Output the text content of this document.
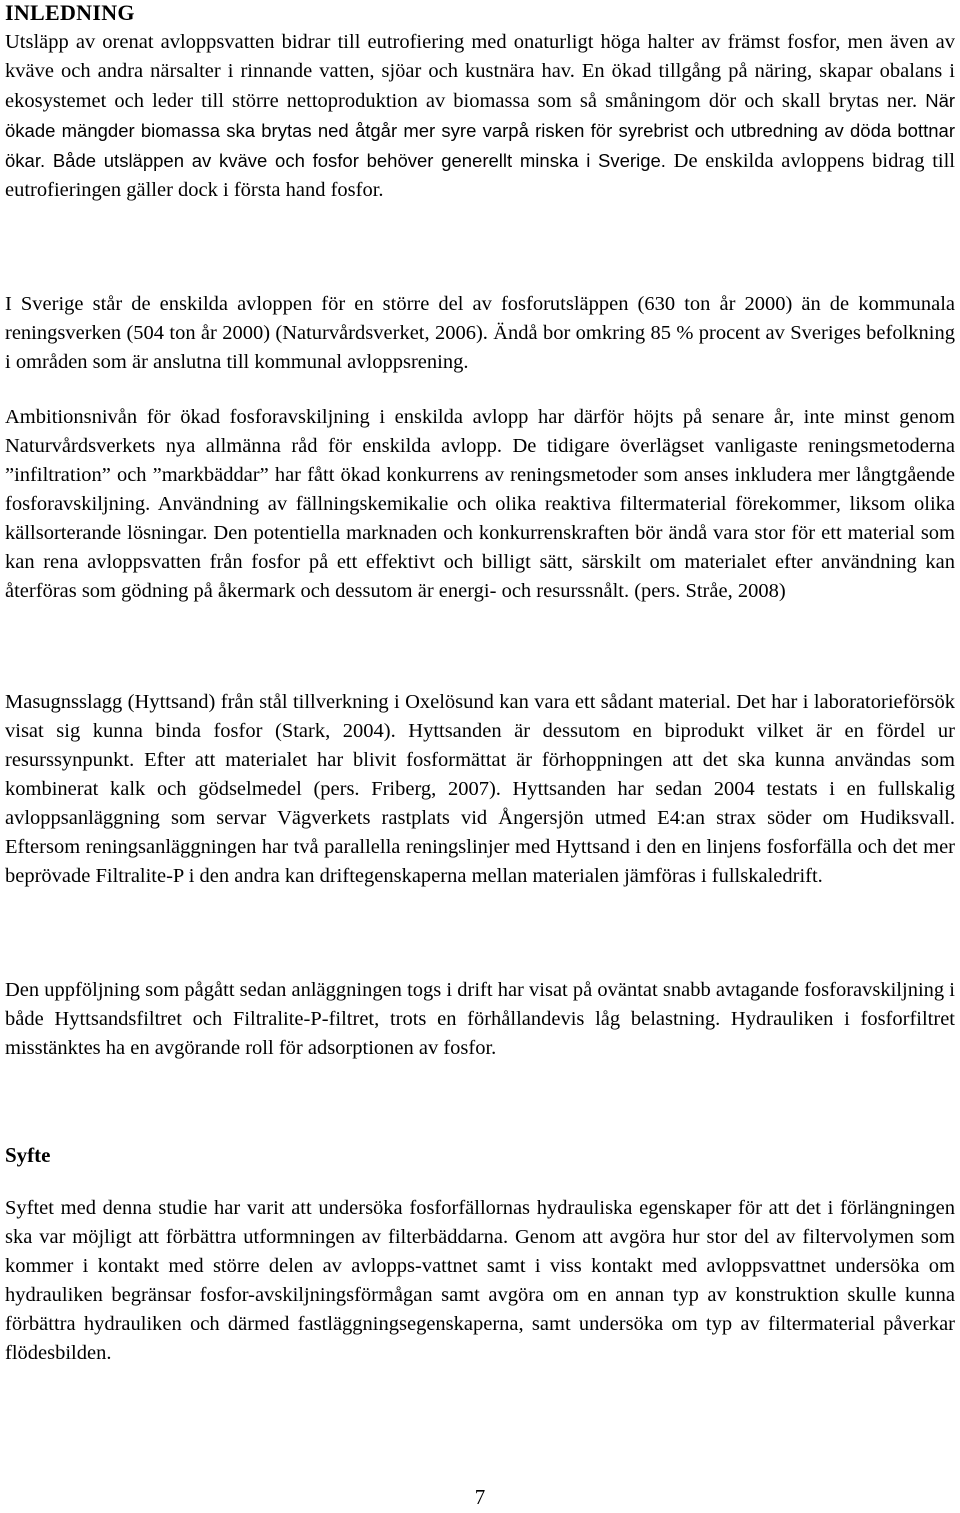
INLEDNING

Utsläpp av orenat avloppsvatten bidrar till eutrofiering med onaturligt höga halter av främst fosfor, men även av kväve och andra närsalter i rinnande vatten, sjöar och kustnära hav. En ökad tillgång på näring, skapar obalans i ekosystemet och leder till större nettoproduktion av biomassa som så småningom dör och skall brytas ner. När ökade mängder biomassa ska brytas ned åtgår mer syre varpå risken för syrebrist och utbredning av döda bottnar ökar. Både utsläppen av kväve och fosfor behöver generellt minska i Sverige. De enskilda avloppens bidrag till eutrofieringen gäller dock i första hand fosfor.

I Sverige står de enskilda avloppen för en större del av fosforutsläppen (630 ton år 2000) än de kommunala reningsverken (504 ton år 2000) (Naturvårdsverket, 2006). Ändå bor omkring 85 % procent av Sveriges befolkning i områden som är anslutna till kommunal avloppsrening.

Ambitionsnivån för ökad fosforavskiljning i enskilda avlopp har därför höjts på senare år, inte minst genom Naturvårdsverkets nya allmänna råd för enskilda avlopp. De tidigare överlägset vanligaste reningsmetoderna ”infiltration” och ”markbäddar” har fått ökad konkurrens av reningsmetoder som anses inkludera mer långtgående fosforavskiljning. Användning av fällningskemikalie och olika reaktiva filtermaterial förekommer, liksom olika källsorterande lösningar. Den potentiella marknaden och konkurrenskraften bör ändå vara stor för ett material som kan rena avloppsvatten från fosfor på ett effektivt och billigt sätt, särskilt om materialet efter användning kan återföras som gödning på åkermark och dessutom är energi- och resurssnålt. (pers. Stråe, 2008)

Masugnsslagg (Hyttsand) från stål tillverkning i Oxelösund kan vara ett sådant material. Det har i laboratorieförsök visat sig kunna binda fosfor (Stark, 2004). Hyttsanden är dessutom en biprodukt vilket är en fördel ur resurssynpunkt. Efter att materialet har blivit fosformättat är förhoppningen att det ska kunna användas som kombinerat kalk och gödselmedel (pers. Friberg, 2007). Hyttsanden har sedan 2004 testats i en fullskalig avloppsanläggning som servar Vägverkets rastplats vid Ångersjön utmed E4:an strax söder om Hudiksvall. Eftersom reningsanläggningen har två parallella reningslinjer med Hyttsand i den en linjens fosforfälla och det mer beprövade Filtralite-P i den andra kan driftegenskaperna mellan materialen jämföras i fullskaledrift.

Den uppföljning som pågått sedan anläggningen togs i drift har visat på oväntat snabb avtagande fosforavskiljning i både Hyttsandsfiltret och Filtralite-P-filtret, trots en förhållandevis låg belastning. Hydrauliken i fosforfiltret misstänktes ha en avgörande roll för adsorptionen av fosfor.

Syfte

Syftet med denna studie har varit att undersöka fosforfällornas hydrauliska egenskaper för att det i förlängningen ska var möjligt att förbättra utformningen av filterbäddarna. Genom att avgöra hur stor del av filtervolymen som kommer i kontakt med större delen av avlopps-vattnet samt i viss kontakt med avloppsvattnet undersöka om hydrauliken begränsar fosfor-avskiljningsförmågan samt avgöra om en annan typ av konstruktion skulle kunna förbättra hydrauliken och därmed fastläggningsegenskaperna, samt undersöka om typ av filtermaterial påverkar flödesbilden.

7
